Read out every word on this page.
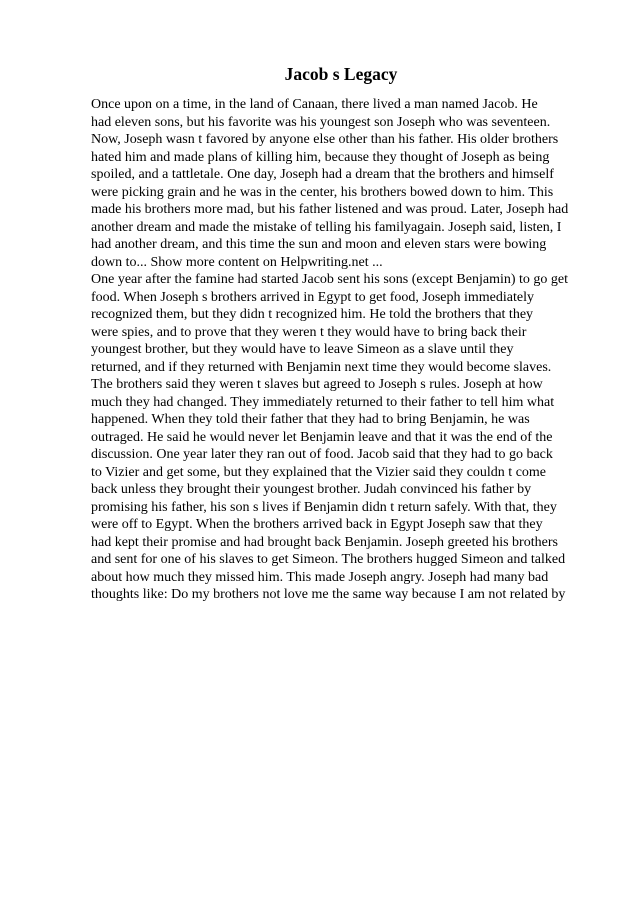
Jacob s Legacy

Once upon on a time, in the land of Canaan, there lived a man named Jacob. He

had eleven sons, but his favorite was his youngest son Joseph who was seventeen.

Now, Joseph wasn t favored by anyone else other than his father. His older brothers

hated him and made plans of killing him, because they thought of Joseph as being

spoiled, and a tattletale. One day, Joseph had a dream that the brothers and himself

were picking grain and he was in the center, his brothers bowed down to him. This

made his brothers more mad, but his father listened and was proud. Later, Joseph had

another dream and made the mistake of telling his familyagain. Joseph said, listen, I

had another dream, and this time the sun and moon and eleven stars were bowing

down to... Show more content on Helpwriting.net ...

One year after the famine had started Jacob sent his sons (except Benjamin) to go get

food. When Joseph s brothers arrived in Egypt to get food, Joseph immediately

recognized them, but they didn t recognized him. He told the brothers that they

were spies, and to prove that they weren t they would have to bring back their

youngest brother, but they would have to leave Simeon as a slave until they

returned, and if they returned with Benjamin next time they would become slaves.

The brothers said they weren t slaves but agreed to Joseph s rules. Joseph at how

much they had changed. They immediately returned to their father to tell him what

happened. When they told their father that they had to bring Benjamin, he was

outraged. He said he would never let Benjamin leave and that it was the end of the

discussion. One year later they ran out of food. Jacob said that they had to go back

to Vizier and get some, but they explained that the Vizier said they couldn t come

back unless they brought their youngest brother. Judah convinced his father by

promising his father, his son s lives if Benjamin didn t return safely. With that, they

were off to Egypt. When the brothers arrived back in Egypt Joseph saw that they

had kept their promise and had brought back Benjamin. Joseph greeted his brothers

and sent for one of his slaves to get Simeon. The brothers hugged Simeon and talked

about how much they missed him. This made Joseph angry. Joseph had many bad

thoughts like: Do my brothers not love me the same way because I am not related by
